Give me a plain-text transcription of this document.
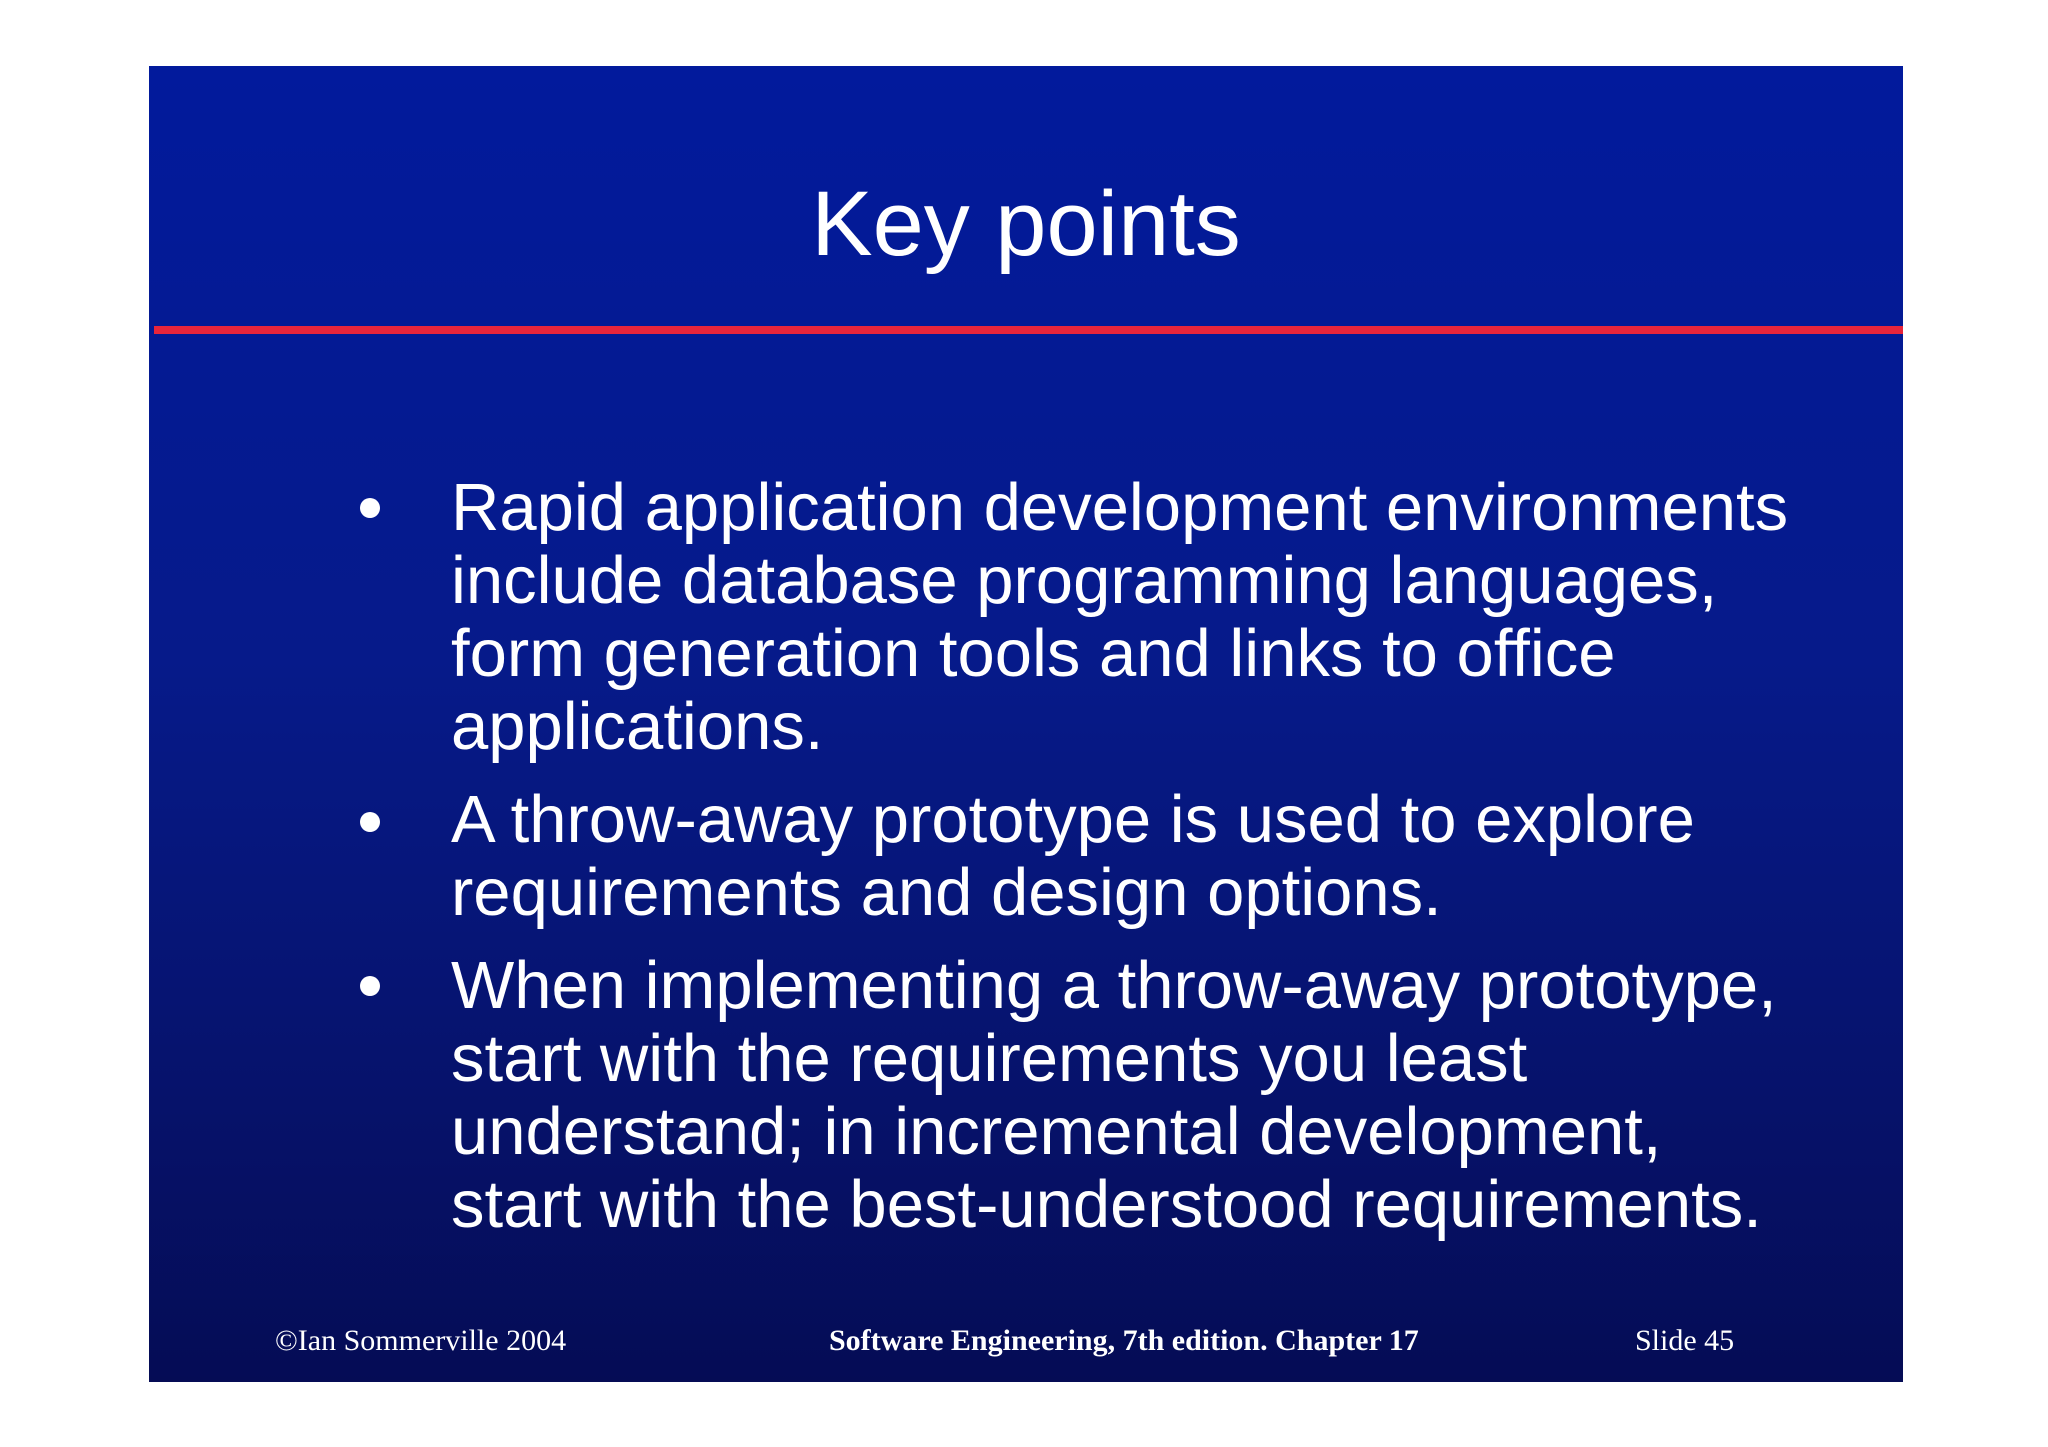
Key points
Rapid application development environments
include database programming languages,
form generation tools and links to office
applications.
A throw-away prototype is used to explore
requirements and design options.
When implementing a throw-away prototype,
start with the requirements you least
understand; in incremental development,
start with the best-understood requirements.
©Ian Sommerville 2004	Software Engineering, 7th edition. Chapter 17	Slide 45
